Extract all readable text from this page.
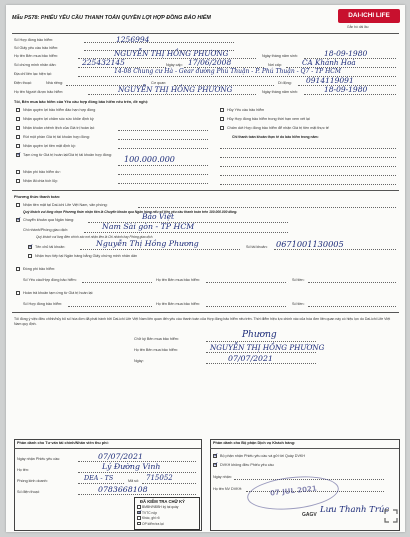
Mẫu PS78: PHIẾU YÊU CẦU THANH TOÁN QUYỀN LỢI HỢP ĐỒNG BẢO HIỂM	DAI-ICHI LIFE
Gắn bó dài lâu
Số Hợp đồng bảo hiểm:	1256994
Số Giấy yêu cầu bảo hiểm:
Họ tên Bên mua bảo hiểm:	NGUYỄN THỊ HỒNG PHƯƠNG	Ngày tháng năm sinh:	18-09-1980
Số chứng minh nhân dân:	225432145	Ngày cấp: 17/06/2008	Nơi cấp:	CA Khánh Hoà
Địa chỉ liên lạc hiện tại:	14-08 Chung cư Hà - Gear đường Phú Thuận - P. Phú Thuận - Q7 - TP HCM
Điện thoại:	Nhà riêng:	Cơ quan:	Di động: 0914119091
Họ tên Người được bảo hiểm:	NGUYỄN THỊ HỒNG PHƯƠNG	Ngày tháng năm sinh:	18-09-1980
Tôi, Bên mua bảo hiểm của Yêu cầu hợp đồng bảo hiểm nêu trên, đề nghị:
Nhận quyền lợi bảo hiểm đáo hạn hợp đồng
Nhận quyền lợi chăm sóc sức khỏe định kỳ
Nhận khoản chênh lệch của Giá trị hoàn lại:
Rút một phần Giá trị tài khoản hợp đồng:
Nhận quyền lợi tiền mặt định kỳ:
✓
Tạm ứng từ Giá trị hoàn lại/Giá trị tài khoản hợp đồng: 100.000.000
Nhận phí bảo hiểm dư:
Nhận lãi chia tích lũy:
Hủy Yêu cầu bảo hiểm
Hủy Hợp đồng bảo hiểm trong thời hạn xem xét lại
Chấm dứt Hợp đồng bảo hiểm để nhận Giá trị tiền mặt thực tế
Chỉ thanh toán khoản thực tế do bảo hiểm trong năm:
Phương thức thanh toán:
Nhận tiền mặt tại Dai-ichi Life Việt Nam, văn phòng:
Quý khách vui lòng chọn Phương thức nhận tiền là Chuyển khoản qua Ngân hàng nếu số tiền yêu cầu thanh toán trên 100.000.000 đồng.
✓
Chuyển khoản qua Ngân hàng:	Bảo Việt
Chi nhánh/Phòng giao dịch:	Nam Sài gòn - TP HCM
Quý khách vui lòng điền chính xác nơi nhận tiền là Chi nhánh hay Phòng giao dịch.
✓
Tên chủ tài khoản:	Nguyễn Thị Hồng Phương	Số tài khoản: 0671001130005
Nhận trực tiếp tại Ngân hàng bằng Giấy chứng minh nhân dân
Đóng phí bảo hiểm:
Số Yêu cầu/Hợp đồng bảo hiểm:	Họ tên Bên mua bảo hiểm:	Số tiền:
Hoàn trả khoản tạm ứng từ Giá trị hoàn lại:
Số Hợp đồng bảo hiểm:	Họ tên Bên mua bảo hiểm:	Số tiền:
Tôi đồng ý việc điều chỉnh/hủy bỏ số hóa đơn đã phát hành bởi Dai-ichi Life Việt Nam liên quan đến yêu cầu thanh toán của Hợp đồng bảo hiểm nêu trên. Thời điểm hiệu lực chính xác của hóa đơn liên quan này có hiệu lực do Dai-ichi Life Việt Nam quy định.
Chữ ký Bên mua bảo hiểm:	Phương
Họ tên Bên mua bảo hiểm:	NGUYỄN THỊ HỒNG PHƯƠNG
Ngày:	07/07/2021
Phần dành cho Tư vấn tài chính/Nhân viên thu phí:
Ngày nhận Phiếu yêu cầu:	07/07/2021
Họ tên:	Lý Đường Vinh
Phòng kinh doanh:	DEA - TS	Mã số: 715052
Số điện thoại:	0783668108
ĐÃ KIỂM TRA CHỮ KÝ
BMBH/NĐBH ký tại quầy
✓
TVTC nộp
Khác, ghi rõ
OP kiểm tra lại
Phần dành cho Bộ phận Dịch vụ Khách hàng:
✓
Bộ phận nhận Phiếu yêu cầu và gửi tới Quầy DVKH
✓
DVKH không điều Phiếu yêu cầu
Ngày nhận:
Họ tên NV DVKH:	07 JUL 2021
GAGV Lưu Thanh Trúc
